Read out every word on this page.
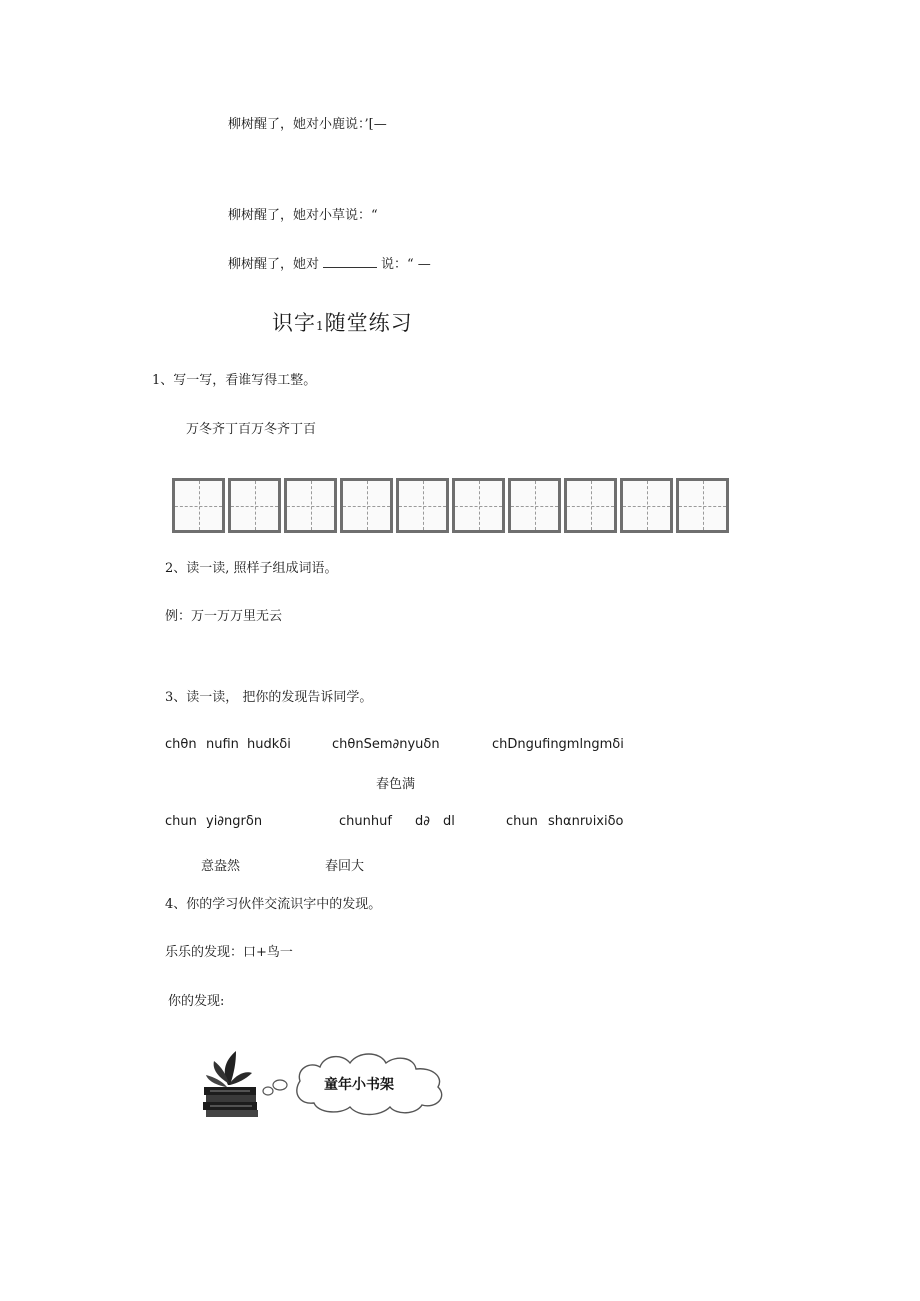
柳树醒了，她对小鹿说：’[—
柳树醒了，她对小草说：“
柳树醒了，她对	说：“ —
识字1随堂练习
1、写一写，看谁写得工整。
万冬齐丁百万冬齐丁百
2、读一读, 照样子组成词语。
例：万一万万里无云
3、读一读， 把你的发现告诉同学。
chθn nufin hudkδi	chθnSem∂nyuδn	chDngufingmlngmδi
春色满
chun yi∂ngrδn	chunhuf d∂ dl	chun shαnrυixiδo
意盎然	春回大
4、你的学习伙伴交流识字中的发现。
乐乐的发现：口+鸟一
你的发现:
童年小书架
